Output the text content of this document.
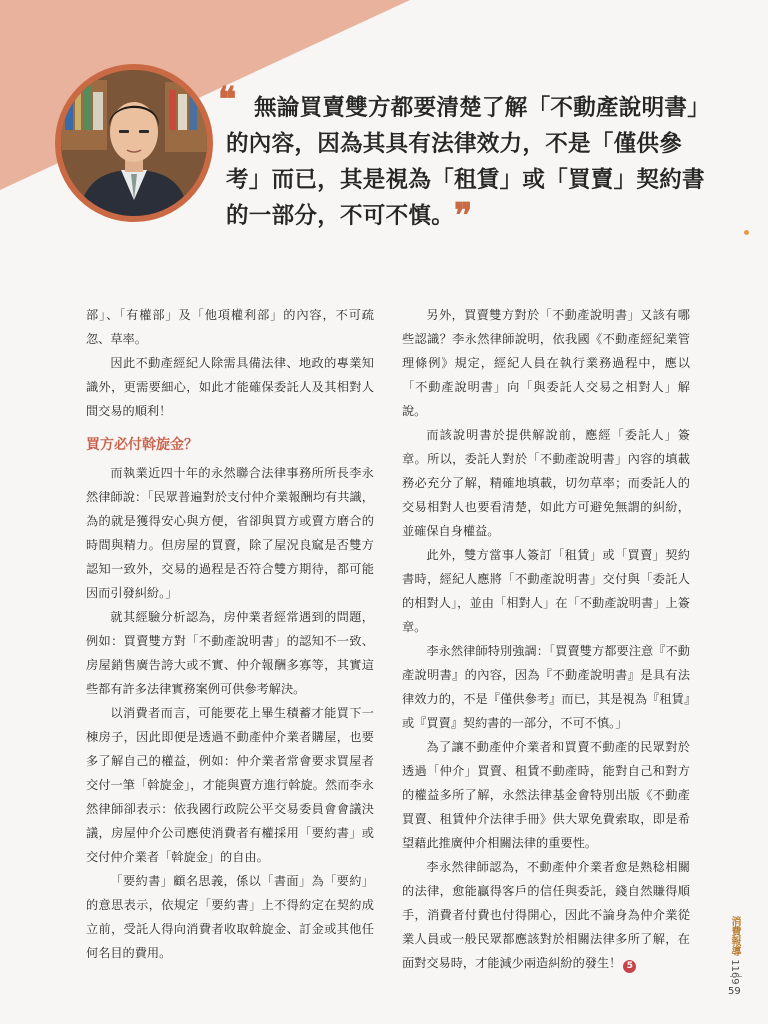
❝ 無論買賣雙方都要清楚了解「不動產說明書」的內容，因為其具有法律效力，不是「僅供參考」而已，其是視為「租賃」或「買賣」契約書的一部分，不可不慎。❞

部」、「有權部」及「他項權利部」的內容，不可疏忽、草率。

因此不動產經紀人除需具備法律、地政的專業知識外，更需要細心，如此才能確保委託人及其相對人間交易的順利！

買方必付斡旋金？

而執業近四十年的永然聯合法律事務所所長李永然律師說：「民眾普遍對於支付仲介業報酬均有共識，為的就是獲得安心與方便，省卻與買方或賣方磨合的時間與精力。但房屋的買賣，除了屋況良窳是否雙方認知一致外，交易的過程是否符合雙方期待，都可能因而引發糾紛。」

就其經驗分析認為，房仲業者經常遇到的問題，例如：買賣雙方對「不動產說明書」的認知不一致、房屋銷售廣告誇大或不實、仲介報酬多寡等，其實這些都有許多法律實務案例可供參考解決。

以消費者而言，可能要花上畢生積蓄才能買下一棟房子，因此即便是透過不動產仲介業者購屋，也要多了解自己的權益，例如：仲介業者常會要求買屋者交付一筆「斡旋金」，才能與賣方進行斡旋。然而李永然律師卻表示：依我國行政院公平交易委員會會議決議，房屋仲介公司應使消費者有權採用「要約書」或交付仲介業者「斡旋金」的自由。

「要約書」顧名思義，係以「書面」為「要約」的意思表示，依規定「要約書」上不得約定在契約成立前，受託人得向消費者收取斡旋金、訂金或其他任何名目的費用。

另外，買賣雙方對於「不動產說明書」又該有哪些認識？李永然律師說明，依我國《不動產經紀業管理條例》規定，經紀人員在執行業務過程中，應以「不動產說明書」向「與委託人交易之相對人」解說。

而該說明書於提供解說前，應經「委託人」簽章。所以，委託人對於「不動產說明書」內容的填載務必充分了解，精確地填載，切勿草率；而委託人的交易相對人也要看清楚，如此方可避免無謂的糾紛，並確保自身權益。

此外，雙方當事人簽訂「租賃」或「買賣」契約書時，經紀人應將「不動產說明書」交付與「委託人的相對人」，並由「相對人」在「不動產說明書」上簽章。

李永然律師特別強調：「買賣雙方都要注意『不動產說明書』的內容，因為『不動產說明書』是具有法律效力的，不是『僅供參考』而已，其是視為『租賃』或『買賣』契約書的一部分，不可不慎。」

為了讓不動產仲介業者和買賣不動產的民眾對於透過「仲介」買賣、租賃不動產時，能對自己和對方的權益多所了解，永然法律基金會特別出版《不動產買賣、租賃仲介法律手冊》供大眾免費索取，即是希望藉此推廣仲介相關法律的重要性。

李永然律師認為，不動產仲介業者愈是熟稔相關的法律，愈能贏得客戶的信任與委託，錢自然賺得順手，消費者付費也付得開心，因此不論身為仲介業從業人員或一般民眾都應該對於相關法律多所了解，在面對交易時，才能減少兩造糾紛的發生！ 5

消費報導 1169
59
